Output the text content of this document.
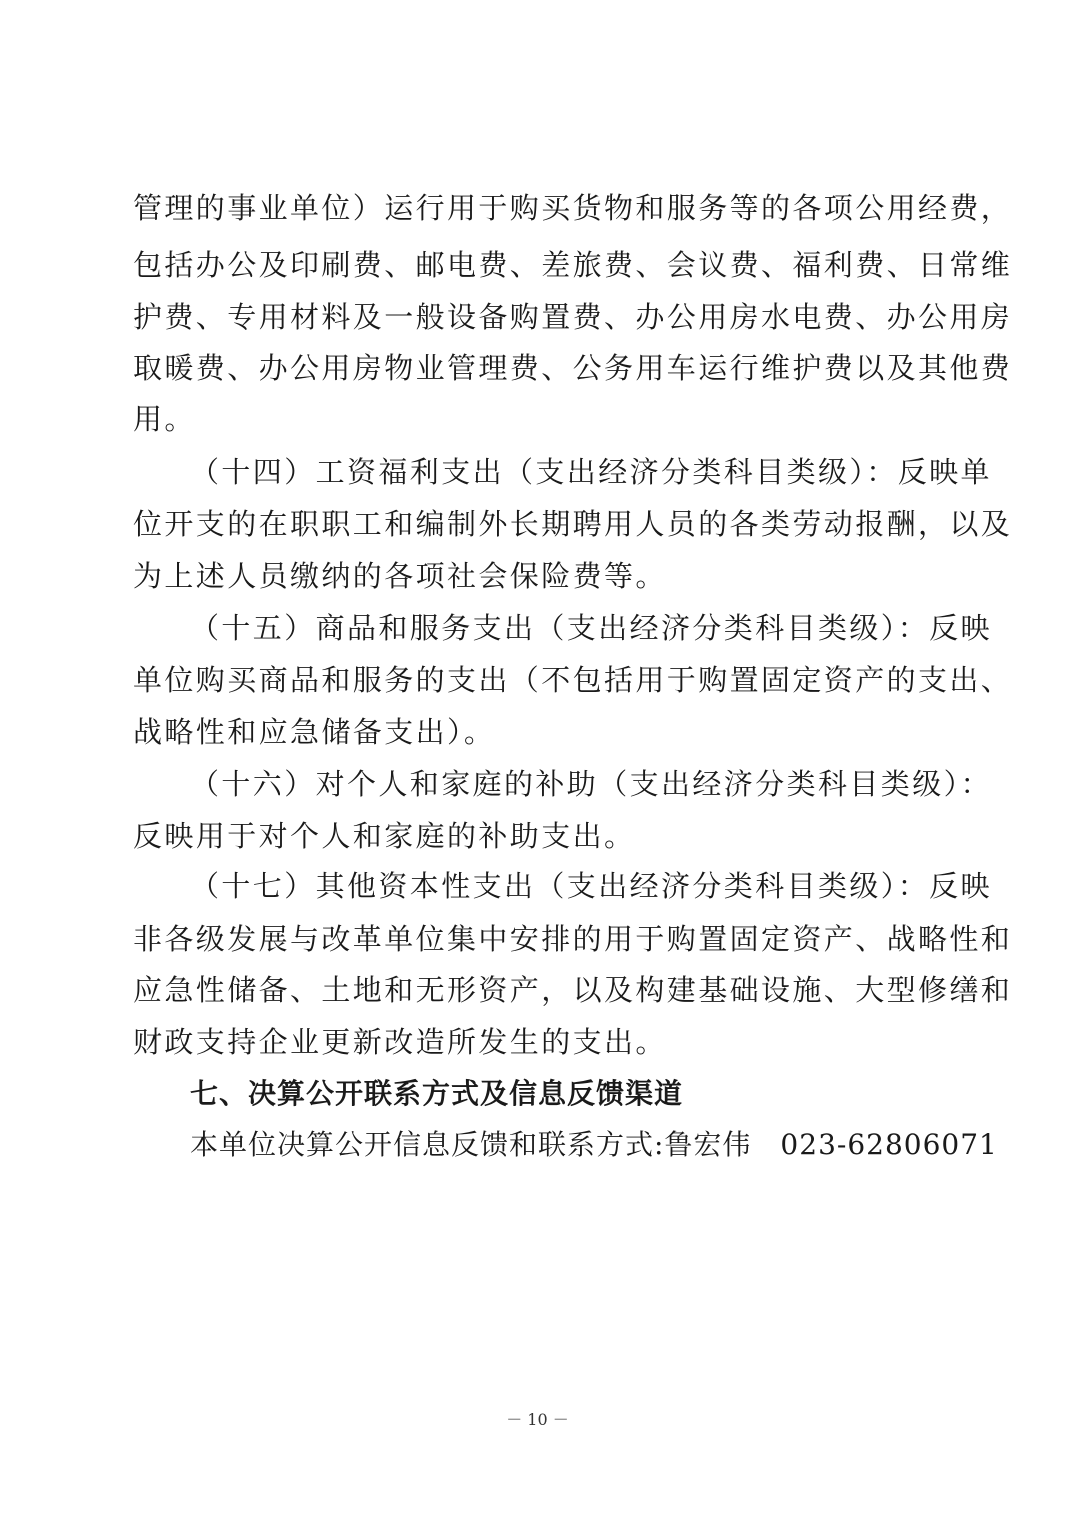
管理的事业单位）运行用于购买货物和服务等的各项公用经费，
包括办公及印刷费、邮电费、差旅费、会议费、福利费、日常维
护费、专用材料及一般设备购置费、办公用房水电费、办公用房
取暖费、办公用房物业管理费、公务用车运行维护费以及其他费
用。
（十四）工资福利支出（支出经济分类科目类级）：反映单
位开支的在职职工和编制外长期聘用人员的各类劳动报酬，以及
为上述人员缴纳的各项社会保险费等。
（十五）商品和服务支出（支出经济分类科目类级）：反映
单位购买商品和服务的支出（不包括用于购置固定资产的支出、
战略性和应急储备支出）。
（十六）对个人和家庭的补助（支出经济分类科目类级）：
反映用于对个人和家庭的补助支出。
（十七）其他资本性支出（支出经济分类科目类级）：反映
非各级发展与改革单位集中安排的用于购置固定资产、战略性和
应急性储备、土地和无形资产，以及构建基础设施、大型修缮和
财政支持企业更新改造所发生的支出。
七、决算公开联系方式及信息反馈渠道
本单位决算公开信息反馈和联系方式:鲁宏伟　023-62806071
－ 10 －
